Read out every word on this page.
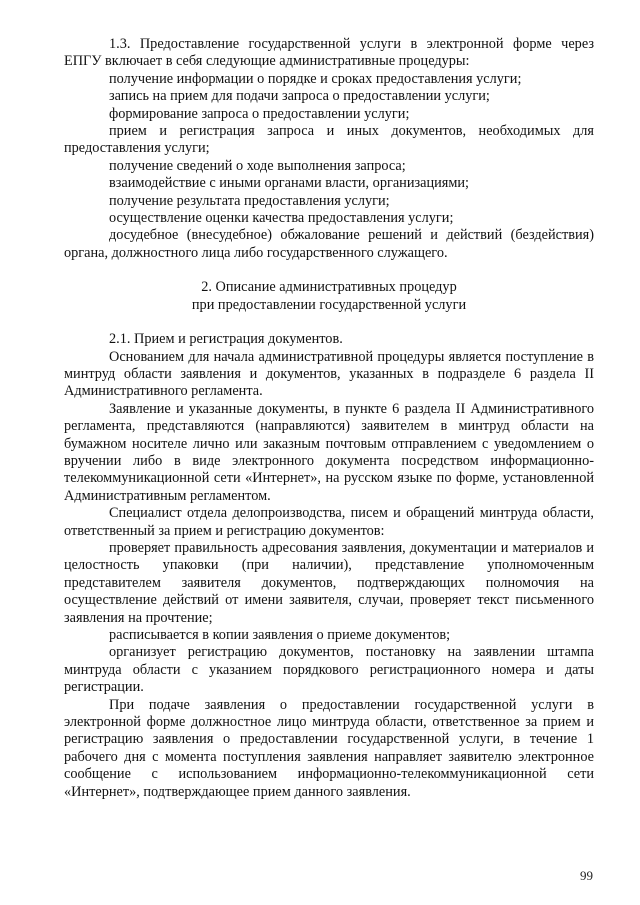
1.3. Предоставление государственной услуги в электронной форме через ЕПГУ включает в себя следующие административные процедуры:

получение информации о порядке и сроках предоставления услуги;

запись на прием для подачи запроса о предоставлении услуги;

формирование запроса о предоставлении услуги;

прием и регистрация запроса и иных документов, необходимых для предоставления услуги;

получение сведений о ходе выполнения запроса;

взаимодействие с иными органами власти, организациями;

получение результата предоставления услуги;

осуществление оценки качества предоставления услуги;

досудебное (внесудебное) обжалование решений и действий (бездействия) органа, должностного лица либо государственного служащего.

2. Описание административных процедур

при предоставлении государственной услуги

2.1. Прием и регистрация документов.

Основанием для начала административной процедуры является поступление в минтруд области заявления и документов, указанных в подразделе 6 раздела II Административного регламента.

Заявление и указанные документы, в пункте 6 раздела II Административного регламента, представляются (направляются) заявителем в минтруд области на бумажном носителе лично или заказным почтовым отправлением с уведомлением о вручении либо в виде электронного документа посредством информационно-телекоммуникационной сети «Интернет», на русском языке по форме, установленной Административным регламентом.

Специалист отдела делопроизводства, писем и обращений минтруда области, ответственный за прием и регистрацию документов:

проверяет правильность адресования заявления, документации и материалов и целостность упаковки (при наличии), представление уполномоченным представителем заявителя документов, подтверждающих полномочия на осуществление действий от имени заявителя, случаи, проверяет текст письменного заявления на прочтение;

расписывается в копии заявления о приеме документов;

организует регистрацию документов, постановку на заявлении штампа минтруда области с указанием порядкового регистрационного номера и даты регистрации.

При подаче заявления о предоставлении государственной услуги в электронной форме должностное лицо минтруда области, ответственное за прием и регистрацию заявления о предоставлении государственной услуги, в течение 1 рабочего дня с момента поступления заявления направляет заявителю электронное сообщение с использованием информационно-телекоммуникационной сети «Интернет», подтверждающее прием данного заявления.

99
